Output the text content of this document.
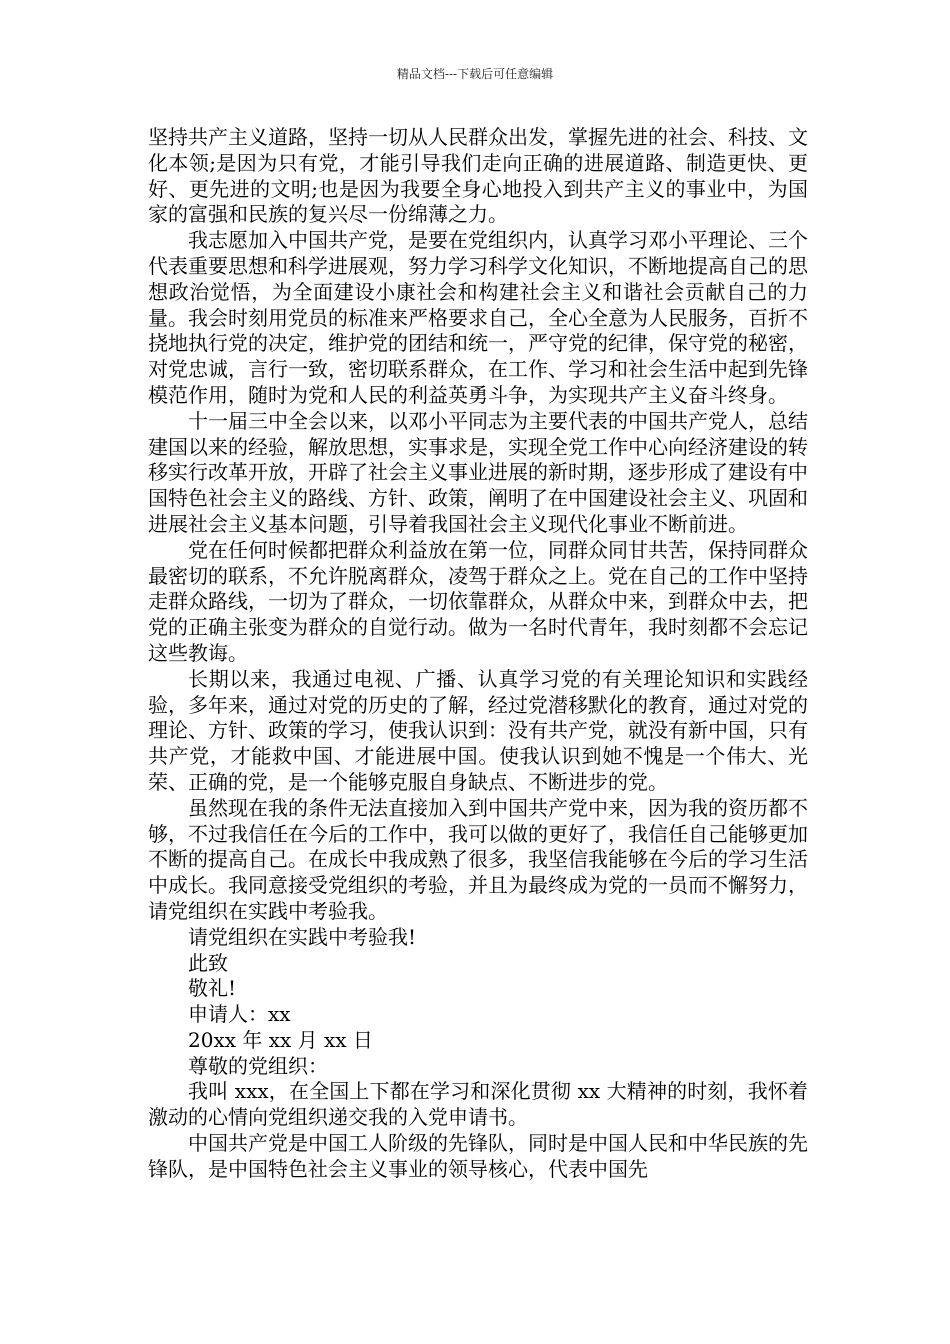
精品文档---下载后可任意编辑

坚持共产主义道路，坚持一切从人民群众出发，掌握先进的社会、科技、文化本领;是因为只有党，才能引导我们走向正确的进展道路、制造更快、更好、更先进的文明;也是因为我要全身心地投入到共产主义的事业中，为国家的富强和民族的复兴尽一份绵薄之力。

我志愿加入中国共产党，是要在党组织内，认真学习邓小平理论、三个代表重要思想和科学进展观，努力学习科学文化知识，不断地提高自己的思想政治觉悟，为全面建设小康社会和构建社会主义和谐社会贡献自己的力量。我会时刻用党员的标准来严格要求自己，全心全意为人民服务，百折不挠地执行党的决定，维护党的团结和统一，严守党的纪律，保守党的秘密，对党忠诚，言行一致，密切联系群众，在工作、学习和社会生活中起到先锋模范作用，随时为党和人民的利益英勇斗争，为实现共产主义奋斗终身。

十一届三中全会以来，以邓小平同志为主要代表的中国共产党人，总结建国以来的经验，解放思想，实事求是，实现全党工作中心向经济建设的转移实行改革开放，开辟了社会主义事业进展的新时期，逐步形成了建设有中国特色社会主义的路线、方针、政策，阐明了在中国建设社会主义、巩固和进展社会主义基本问题，引导着我国社会主义现代化事业不断前进。

党在任何时候都把群众利益放在第一位，同群众同甘共苦，保持同群众最密切的联系，不允许脱离群众，凌驾于群众之上。党在自己的工作中坚持走群众路线，一切为了群众，一切依靠群众，从群众中来，到群众中去，把党的正确主张变为群众的自觉行动。做为一名时代青年，我时刻都不会忘记这些教诲。

长期以来，我通过电视、广播、认真学习党的有关理论知识和实践经验，多年来，通过对党的历史的了解，经过党潜移默化的教育，通过对党的理论、方针、政策的学习，使我认识到：没有共产党，就没有新中国，只有共产党，才能救中国、才能进展中国。使我认识到她不愧是一个伟大、光荣、正确的党，是一个能够克服自身缺点、不断进步的党。

虽然现在我的条件无法直接加入到中国共产党中来，因为我的资历都不够，不过我信任在今后的工作中，我可以做的更好了，我信任自己能够更加不断的提高自己。在成长中我成熟了很多，我坚信我能够在今后的学习生活中成长。我同意接受党组织的考验，并且为最终成为党的一员而不懈努力，请党组织在实践中考验我。

请党组织在实践中考验我!

此致

敬礼!

申请人：xx

20xx 年 xx 月 xx 日

尊敬的党组织：

我叫 xxx，在全国上下都在学习和深化贯彻 xx 大精神的时刻，我怀着激动的心情向党组织递交我的入党申请书。

中国共产党是中国工人阶级的先锋队，同时是中国人民和中华民族的先锋队，是中国特色社会主义事业的领导核心，代表中国先
